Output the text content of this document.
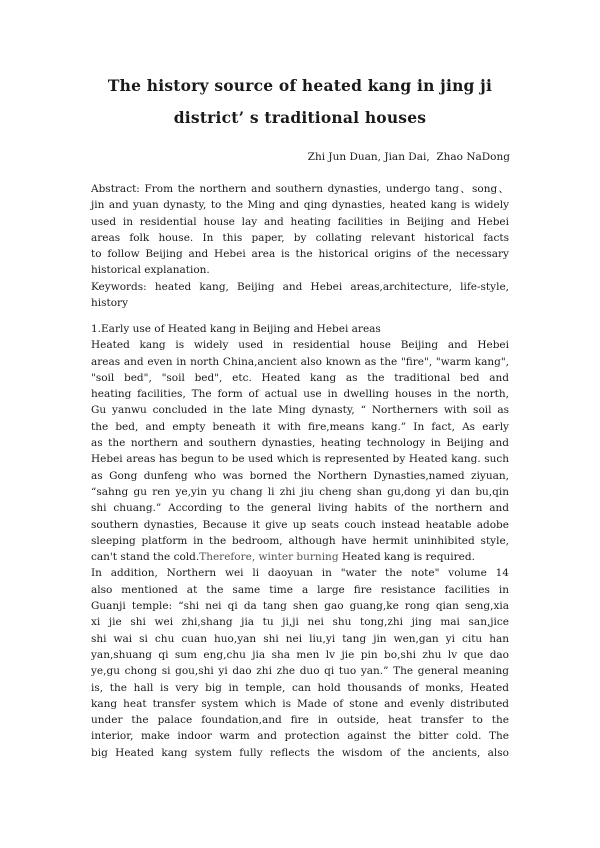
The history source of heated kang in jing ji
district’ s traditional houses
Zhi Jun Duan, Jian Dai,  Zhao NaDong
Abstract: From the northern and southern dynasties, undergo tang、song、
jin and yuan dynasty, to the Ming and qing dynasties, heated kang is widely
used in residential house lay and heating facilities in Beijing and Hebei
areas folk house. In this paper, by collating relevant historical facts
to follow Beijing and Hebei area is the historical origins of the necessary
historical explanation.
Keywords: heated kang, Beijing and Hebei areas,architecture, life-style,
history
1.Early use of Heated kang in Beijing and Hebei areas
Heated kang is widely used in residential house Beijing and Hebei
areas and even in north China,ancient also known as the "fire", "warm kang",
"soil bed", "soil bed", etc. Heated kang as the traditional bed and
heating facilities, The form of actual use in dwelling houses in the north,
Gu yanwu concluded in the late Ming dynasty, “ Northerners with soil as
the bed, and empty beneath it with fire,means kang.” In fact, As early
as the northern and southern dynasties, heating technology in Beijing and
Hebei areas has begun to be used which is represented by Heated kang. such
as Gong dunfeng who was borned the Northern Dynasties,named ziyuan,
“sahng gu ren ye,yin yu chang li zhi jiu cheng shan gu,dong yi dan bu,qin
shi chuang.” According to the general living habits of the northern and
southern dynasties, Because it give up seats couch instead heatable adobe
sleeping platform in the bedroom, although have hermit uninhibited style,
can't stand the cold.Therefore, winter burning Heated kang is required.
In addition, Northern wei li daoyuan in "water the note" volume 14
also mentioned at the same time a large fire resistance facilities in
Guanji temple: “shi nei qi da tang shen gao guang,ke rong qian seng,xia
xi jie shi wei zhi,shang jia tu ji,ji nei shu tong,zhi jing mai san,jice
shi wai si chu cuan huo,yan shi nei liu,yi tang jin wen,gan yi citu han
yan,shuang qi sum eng,chu jia sha men lv jie pin bo,shi zhu lv que dao
ye,gu chong si gou,shi yi dao zhi zhe duo qi tuo yan.” The general meaning
is, the hall is very big in temple, can hold thousands of monks, Heated
kang heat transfer system which is Made of stone and evenly distributed
under the palace foundation,and fire in outside, heat transfer to the
interior, make indoor warm and protection against the bitter cold. The
big Heated kang system fully reflects the wisdom of the ancients, also
